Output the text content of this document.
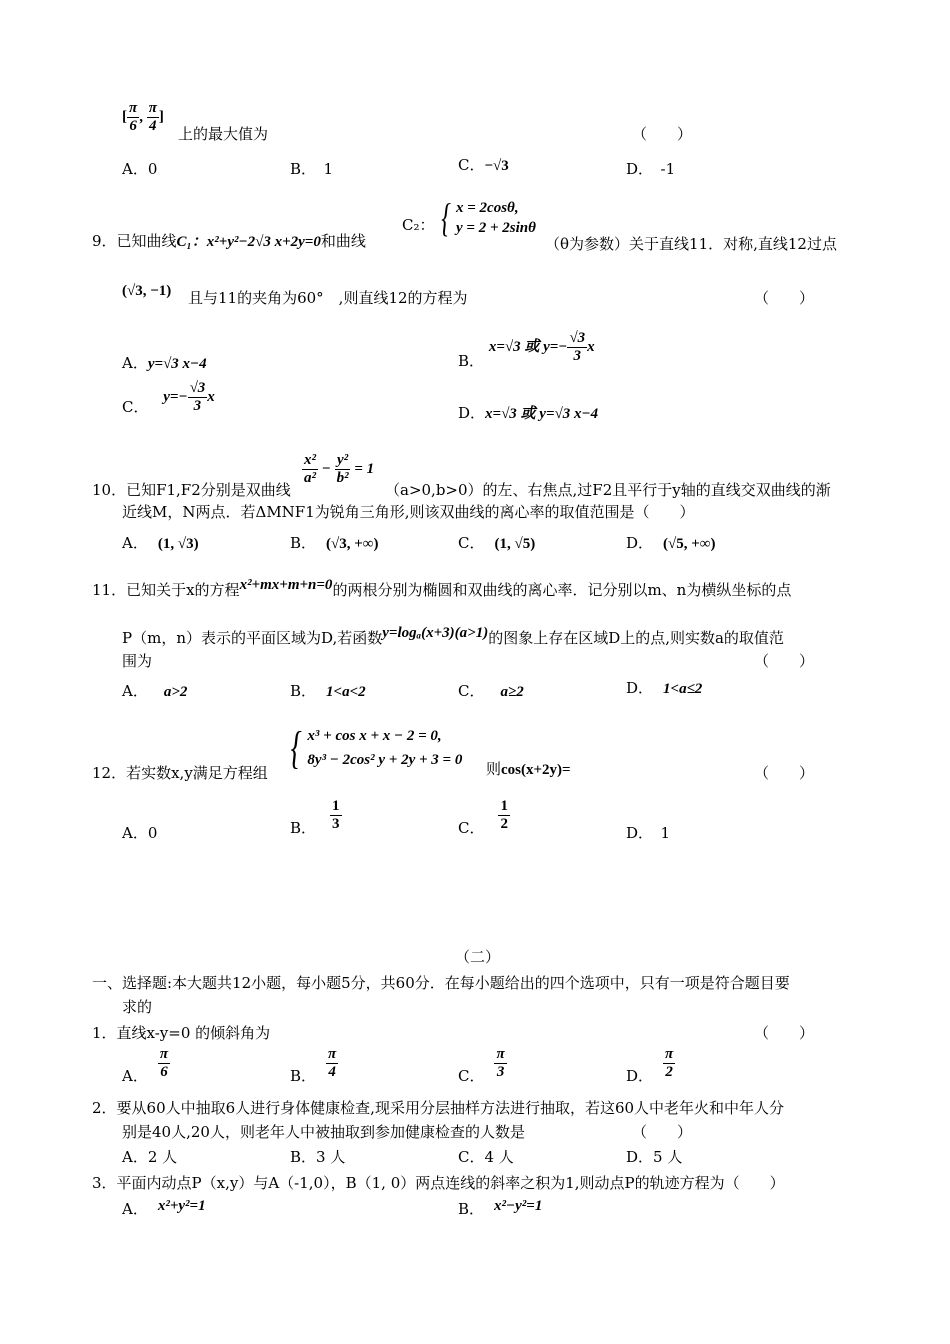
[ $\frac{\pi}{6}$ , $\frac{\pi}{4}$ ]
上的最大值为	（　　）
A．0	B．　1	C．−√3	D．　-1
9．已知曲线C₁：x²+y²−2√3 x+2y=0和曲线
C₂： { x = 2cosθ,
y = 2 + 2sinθ
（θ为参数）关于直线11．对称,直线12过点
(√3, −1) 且与11的夹角为60°　,则直线12的方程为	（　　）
A．y=√3 x−4	B． x=√3 或 $y=- \frac{√3}{3}$ x
C． $y=- \frac{√3}{3}$ x
D．x=√3 或 y=√3 x−4
10．已知F1,F2分别是双曲线
$\frac{\text{x²}}{\text{a²}} - \frac{\text{y²}}{\text{b²}} = 1$
（a>0,b>0）的左、右焦点,过F2且平行于y轴的直线交双曲线的渐
近线M，N两点．若ΔMNF1为锐角三角形,则该双曲线的离心率的取值范围是（　　）
A． (1, √3)	B． (√3, +∞)	C． (1, √5)	D． (√5, +∞)
11．已知关于x的方程x²+mx+m+n=0的两根分别为椭圆和双曲线的离心率．记分别以m、n为横纵坐标的点
P（m，n）表示的平面区域为D,若函数y=logₐ(x+3)(a>1)的图象上存在区域D上的点,则实数a的取值范
围为	（　　）
A． a>2	B． 1<a<2	C． a≥2	D． 1<a≤2
12．若实数x,y满足方程组 { x³ + cos x + x − 2 = 0,
8y³ − 2cos² y + 2y + 3 = 0 则cos(x+2y)=	（　　）
A．0	B． $\frac{1}{3}$	C． $\frac{1}{2}$
D．　1
（二）
一、选择题:本大题共12小题，每小题5分，共60分．在每小题给出的四个选项中，只有一项是符合题目要
求的
1．直线x-y=0 的倾斜角为	（　　）
A． $\frac{\pi}{6}$	B． $\frac{\pi}{4}$	C． $\frac{\pi}{3}$	D． $\frac{\pi}{2}$
2．要从60人中抽取6人进行身体健康检查,现采用分层抽样方法进行抽取，若这60人中老年火和中年人分
别是40人,20人，则老年人中被抽取到参加健康检查的人数是	（　　）
A．2 人	B．3 人	C．4 人	D．5 人
3．平面内动点P（x,y）与A（-1,0），B（1, 0）两点连线的斜率之积为1,则动点P的轨迹方程为（　　）
A． x²+y²=1	B． x²−y²=1
